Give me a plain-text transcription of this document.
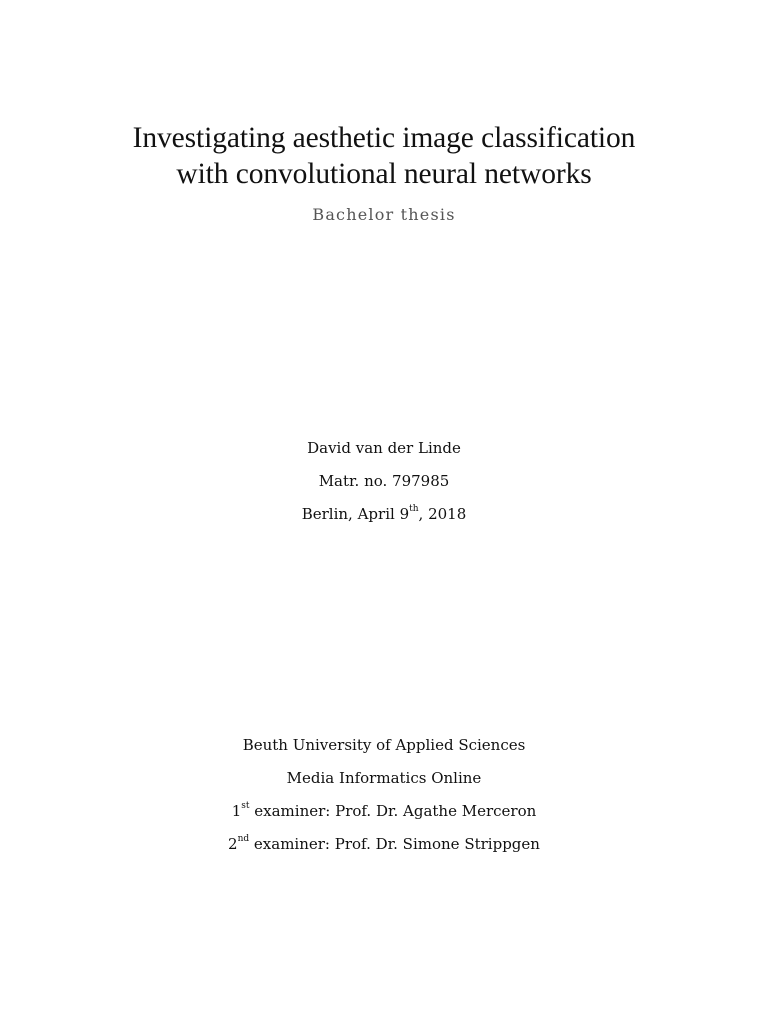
Investigating aesthetic image classification
with convolutional neural networks
Bachelor thesis
David van der Linde
Matr. no. 797985
Berlin, April 9th, 2018
Beuth University of Applied Sciences
Media Informatics Online
1st examiner: Prof. Dr. Agathe Merceron
2nd examiner: Prof. Dr. Simone Strippgen
